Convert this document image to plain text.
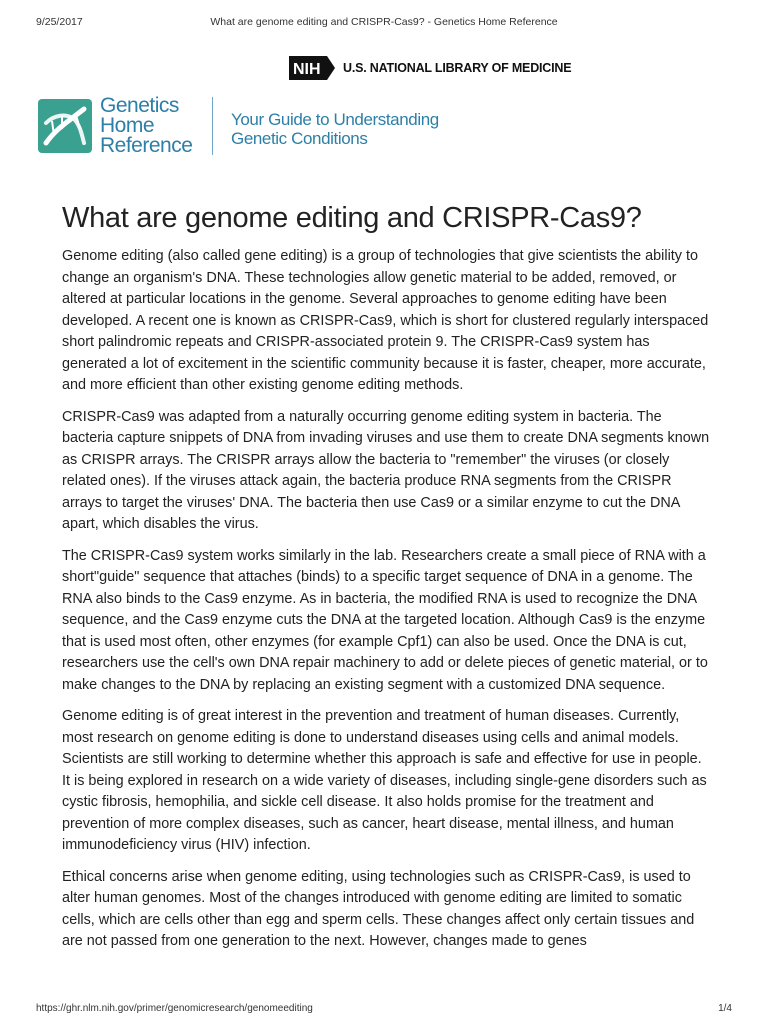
9/25/2017	What are genome editing and CRISPR-Cas9? - Genetics Home Reference
NIH U.S. NATIONAL LIBRARY OF MEDICINE
Genetics
Home
Reference
Your Guide to Understanding
Genetic Conditions
What are genome editing and CRISPR-Cas9?

Genome editing (also called gene editing) is a group of technologies that give scientists the ability to change an organism's DNA. These technologies allow genetic material to be added, removed, or altered at particular locations in the genome. Several approaches to genome editing have been developed. A recent one is known as CRISPR-Cas9, which is short for clustered regularly interspaced short palindromic repeats and CRISPR-associated protein 9. The CRISPR-Cas9 system has generated a lot of excitement in the scientific community because it is faster, cheaper, more accurate, and more efficient than other existing genome editing methods.

CRISPR-Cas9 was adapted from a naturally occurring genome editing system in bacteria. The bacteria capture snippets of DNA from invading viruses and use them to create DNA segments known as CRISPR arrays. The CRISPR arrays allow the bacteria to "remember" the viruses (or closely related ones). If the viruses attack again, the bacteria produce RNA segments from the CRISPR arrays to target the viruses' DNA. The bacteria then use Cas9 or a similar enzyme to cut the DNA apart, which disables the virus.

The CRISPR-Cas9 system works similarly in the lab. Researchers create a small piece of RNA with a short"guide" sequence that attaches (binds) to a specific target sequence of DNA in a genome. The RNA also binds to the Cas9 enzyme. As in bacteria, the modified RNA is used to recognize the DNA sequence, and the Cas9 enzyme cuts the DNA at the targeted location. Although Cas9 is the enzyme that is used most often, other enzymes (for example Cpf1) can also be used. Once the DNA is cut, researchers use the cell's own DNA repair machinery to add or delete pieces of genetic material, or to make changes to the DNA by replacing an existing segment with a customized DNA sequence.

Genome editing is of great interest in the prevention and treatment of human diseases. Currently, most research on genome editing is done to understand diseases using cells and animal models. Scientists are still working to determine whether this approach is safe and effective for use in people. It is being explored in research on a wide variety of diseases, including single-gene disorders such as cystic fibrosis, hemophilia, and sickle cell disease. It also holds promise for the treatment and prevention of more complex diseases, such as cancer, heart disease, mental illness, and human immunodeficiency virus (HIV) infection.

Ethical concerns arise when genome editing, using technologies such as CRISPR-Cas9, is used to alter human genomes. Most of the changes introduced with genome editing are limited to somatic cells, which are cells other than egg and sperm cells. These changes affect only certain tissues and are not passed from one generation to the next. However, changes made to genes

https://ghr.nlm.nih.gov/primer/genomicresearch/genomeediting	1/4
